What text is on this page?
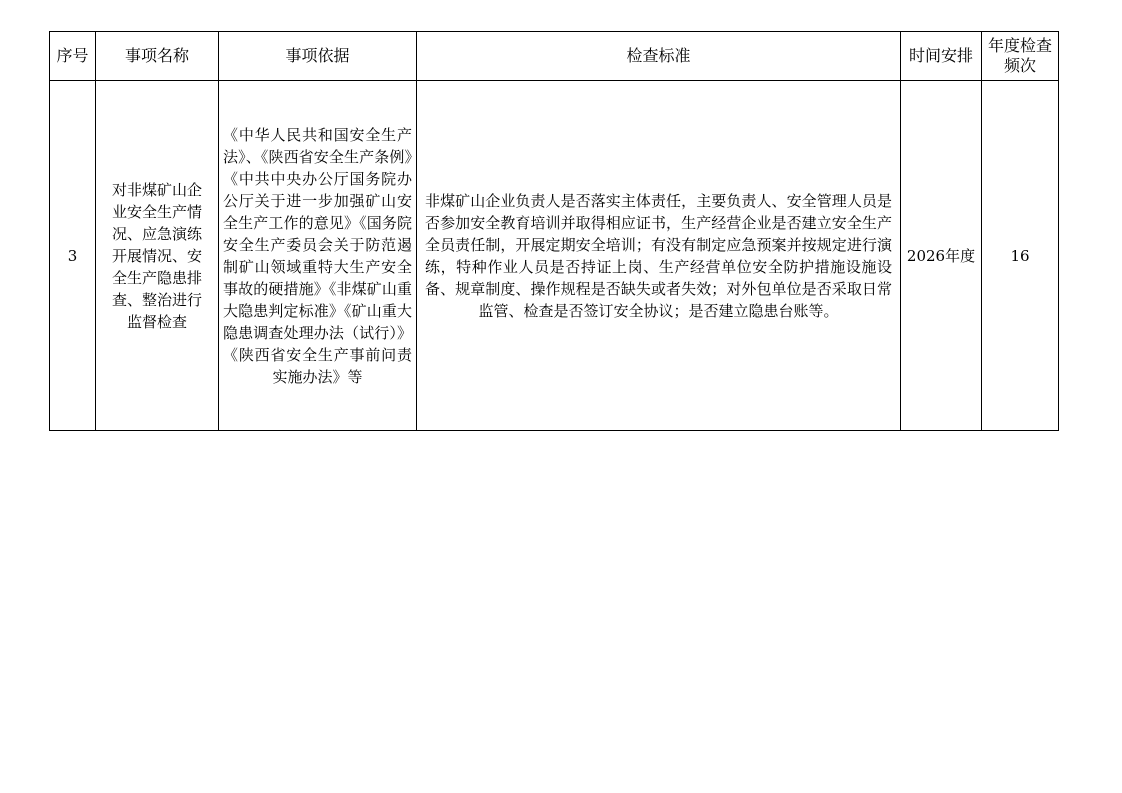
序号	事项名称	事项依据	检查标准	时间安排	年度检查频次
3	对非煤矿山企业安全生产情况、应急演练开展情况、安全生产隐患排查、整治进行监督检查	《中华人民共和国安全生产法》、《陕西省安全生产条例》《中共中央办公厅国务院办公厅关于进一步加强矿山安全生产工作的意见》《国务院安全生产委员会关于防范遏制矿山领域重特大生产安全事故的硬措施》《非煤矿山重大隐患判定标准》《矿山重大隐患调查处理办法（试行）》《陕西省安全生产事前问责实施办法》等	非煤矿山企业负责人是否落实主体责任，主要负责人、安全管理人员是否参加安全教育培训并取得相应证书，生产经营企业是否建立安全生产全员责任制，开展定期安全培训；有没有制定应急预案并按规定进行演练，特种作业人员是否持证上岗、生产经营单位安全防护措施设施设备、规章制度、操作规程是否缺失或者失效；对外包单位是否采取日常监管、检查是否签订安全协议；是否建立隐患台账等。	2026年度	16
